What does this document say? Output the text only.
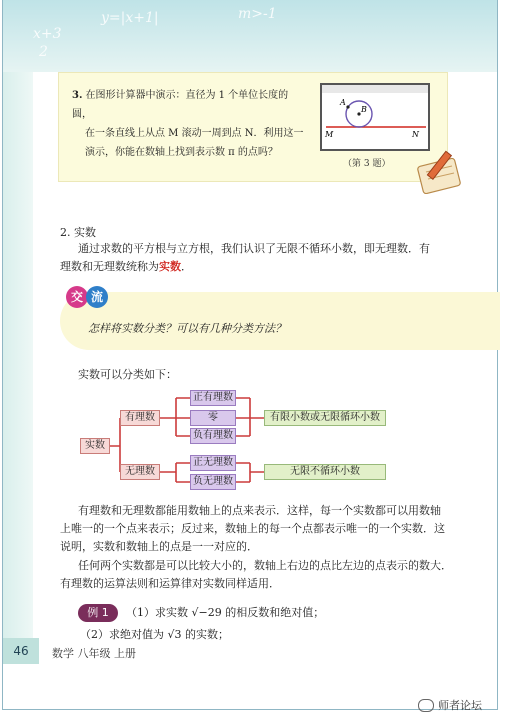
x+3
2
y=|x+1|	m>-1
3. 在图形计算器中演示：直径为 1 个单位长度的圆，
在一条直线上从点 M 滚动一周到点 N．利用这一
演示，你能在数轴上找到表示数 π 的点吗？
A
B
M	N
（第 3 题）
2. 实数
通过求数的平方根与立方根，我们认识了无限不循环小数，即无理数．有
理数和无理数统称为实数．
交 流
怎样将实数分类？可以有几种分类方法？
实数可以分类如下：
实数
有理数
无理数
正有理数
零
负有理数
正无理数
负无理数
有限小数或无限循环小数
无限不循环小数
有理数和无理数都能用数轴上的点来表示．这样，每一个实数都可以用数轴
上唯一的一个点来表示；反过来，数轴上的每一个点都表示唯一的一个实数．这
说明，实数和数轴上的点是一一对应的．
任何两个实数都是可以比较大小的，数轴上右边的点比左边的点表示的数大．
有理数的运算法则和运算律对实数同样适用．
例 1	（1）求实数 √−29 的相反数和绝对值；
（2）求绝对值为 √3 的实数；
46	数学 八年级 上册
师者论坛
